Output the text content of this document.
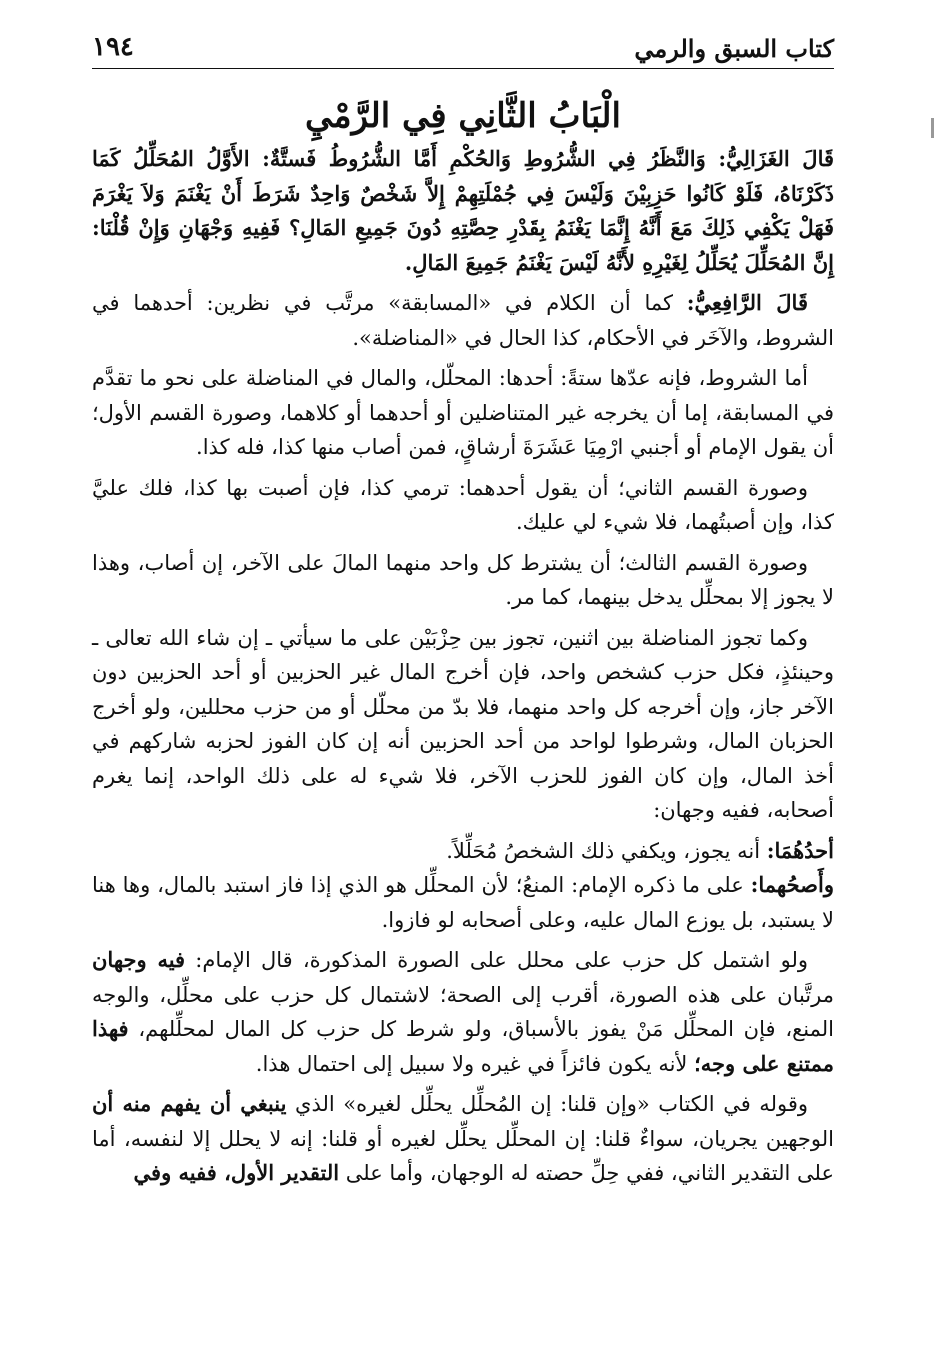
١٩٤	كتاب السبق والرمي
الْبَابُ الثَّانِي فِي الرَّمْيِ

قَالَ الغَزَالِيُّ: وَالنَّظَرُ فِي الشُّرُوطِ وَالحُكْمِ أَمَّا الشُّرُوطُ فَستَّةٌ: الأَوَّلُ المُحَلِّلُ كَمَا ذَكَرْنَاهُ، فَلَوْ كَانُوا حَزِبِيْنَ وَلَيْسَ فِي جُمْلَتِهِمْ إِلاَّ شَخْصٌ وَاحِدٌ شَرَطَ أَنْ يَغْنَمَ وَلاَ يَغْرَمَ فَهَلْ يَكْفِي ذَلِكَ مَعَ أَنَّهُ إِنَّمَا يَغْنَمُ بِقَدْرِ حِصَّتِهِ دُونَ جَمِيعِ المَالِ؟ فَفِيهِ وَجْهَانِ وَإِنْ قُلْنَا: إِنَّ المُحَلِّلَ يُحَلِّلُ لِغَيْرِهِ لأَنَّهُ لَيْسَ يَغْنَمُ جَمِيعَ المَالِ.

قَالَ الرَّافِعِيُّ: كما أن الكلام في «المسابقة» مرتَّب في نظرين: أحدهما في الشروط، والآخَر في الأحكام، كذا الحال في «المناضلة».

أما الشروط، فإنه عدّها ستةً: أحدها: المحلّل، والمال في المناضلة على نحو ما تقدَّم في المسابقة، إما أن يخرجه غير المتناضلين أو أحدهما أو كلاهما، وصورة القسم الأول؛ أن يقول الإمام أو أجنبي ارْمِيَا عَشَرَةَ أرشاقٍ، فمن أصاب منها كذا، فله كذا.

وصورة القسم الثاني؛ أن يقول أحدهما: ترمي كذا، فإن أصبت بها كذا، فلك عليَّ كذا، وإن أصبتُهما، فلا شيء لي عليك.

وصورة القسم الثالث؛ أن يشترط كل واحد منهما المالَ على الآخر، إن أصاب، وهذا لا يجوز إلا بمحلِّل يدخل بينهما، كما مر.

وكما تجوز المناضلة بين اثنين، تجوز بين حِزْبَيْن على ما سيأتي ـ إن شاء الله تعالى ـ وحينئذٍ، فكل حزب كشخص واحد، فإن أخرج المال غير الحزبين أو أحد الحزبين دون الآخر جاز، وإن أخرجه كل واحد منهما، فلا بدّ من محلّل أو من حزب محللين، ولو أخرج الحزبان المال، وشرطوا لواحد من أحد الحزبين أنه إن كان الفوز لحزبه شاركهم في أخذ المال، وإن كان الفوز للحزب الآخر، فلا شيء له على ذلك الواحد، إنما يغرم أصحابه، ففيه وجهان:

أحدُهُمَا: أنه يجوز، ويكفي ذلك الشخصُ مُحَلِّلاً.

وأَصحُهما: على ما ذكره الإمام: المنعُ؛ لأن المحلِّل هو الذي إذا فاز استبد بالمال، وها هنا لا يستبد، بل يوزع المال عليه، وعلى أصحابه لو فازوا.

ولو اشتمل كل حزب على محلل على الصورة المذكورة، قال الإمام: فيه وجهان مرتَّبان على هذه الصورة، أقرب إلى الصحة؛ لاشتمال كل حزب على محلِّل، والوجه المنع، فإن المحلِّل مَنْ يفوز بالأسباق، ولو شرط كل حزب كل المال لمحلِّلهم، فهذا ممتنع على وجه؛ لأنه يكون فائزاً في غيره ولا سبيل إلى احتمال هذا.

وقوله في الكتاب «وإن قلنا: إن المُحلِّل يحلِّل لغيره» الذي ينبغي أن يفهم منه أن الوجهين يجريان، سواءٌ قلنا: إن المحلِّل يحلِّل لغيره أو قلنا: إنه لا يحلل إلا لنفسه، أما على التقدير الثاني، ففي حِلِّ حصته له الوجهان، وأما على التقدير الأول، ففيه وفي
